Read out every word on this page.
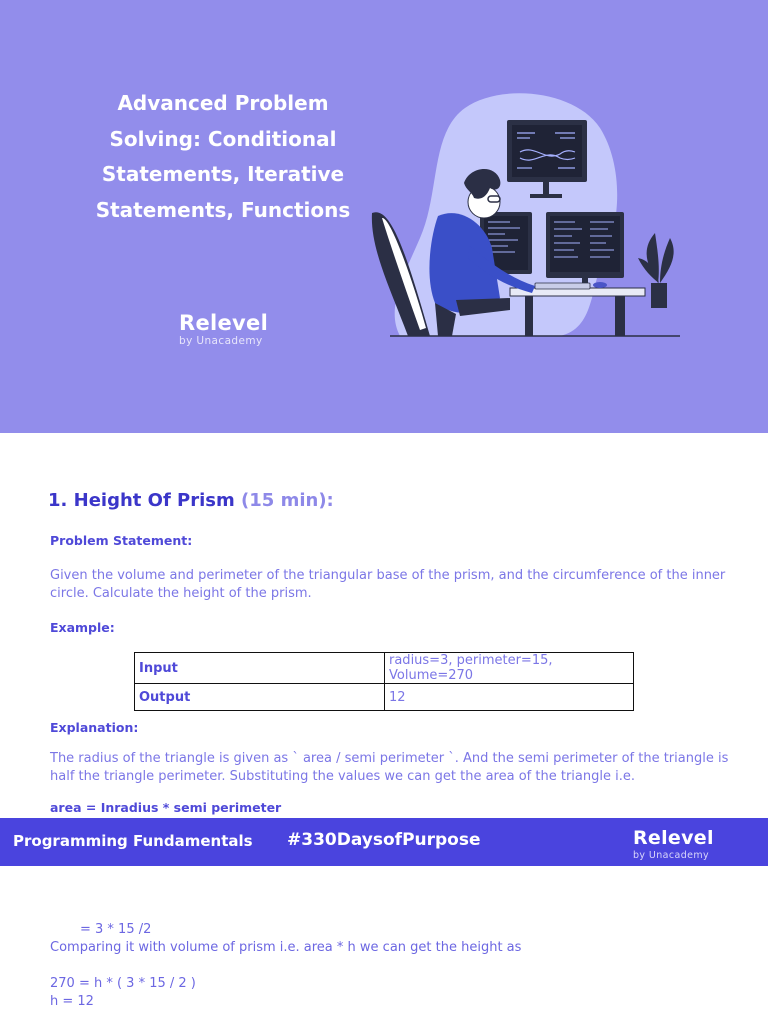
Advanced Problem
Solving: Conditional
Statements, Iterative
Statements, Functions
Relevel
by Unacademy
1. Height Of Prism (15 min):
Problem Statement:
Given the volume and perimeter of the triangular base of the prism, and the circumference of the inner circle. Calculate the height of the prism.
Example:
Input	radius=3, perimeter=15, Volume=270
Output	12
Explanation:
The radius of the triangle is given as ` area / semi perimeter `. And the semi perimeter of the triangle is half the triangle perimeter. Substituting the values we can get the area of the triangle i.e.
area = Inradius * semi perimeter
Programming Fundamentals #330DaysofPurpose	Relevel
by Unacademy
= 3 * 15 /2
Comparing it with volume of prism i.e. area * h we can get the height as
270 = h * ( 3 * 15 / 2 )
h = 12
